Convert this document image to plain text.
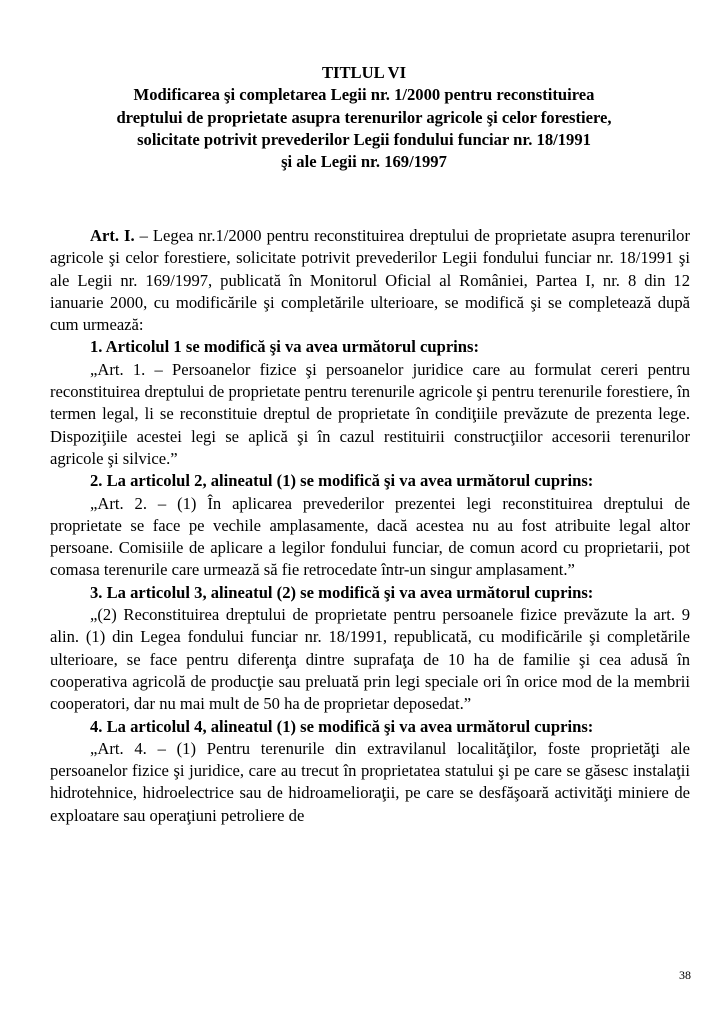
TITLUL VI
Modificarea şi completarea Legii nr. 1/2000 pentru reconstituirea
dreptului de proprietate asupra terenurilor agricole şi celor forestiere,
solicitate potrivit prevederilor Legii fondului funciar nr. 18/1991
şi ale Legii nr. 169/1997

Art. I. – Legea nr.1/2000 pentru reconstituirea dreptului de proprietate asupra terenurilor agricole şi celor forestiere, solicitate potrivit prevederilor Legii fondului funciar nr. 18/1991 şi ale Legii nr. 169/1997, publicată în Monitorul Oficial al României, Partea I, nr. 8 din 12 ianuarie 2000, cu modificările şi completările ulterioare, se modifică şi se completează după cum urmează:

1. Articolul 1 se modifică şi va avea următorul cuprins:

„Art. 1. – Persoanelor fizice şi persoanelor juridice care au formulat cereri pentru reconstituirea dreptului de proprietate pentru terenurile agricole şi pentru terenurile forestiere, în termen legal, li se reconstituie dreptul de proprietate în condiţiile prevăzute de prezenta lege. Dispoziţiile acestei legi se aplică şi în cazul restituirii construcţiilor accesorii terenurilor agricole şi silvice.”

2. La articolul 2, alineatul (1) se modifică şi va avea următorul cuprins:

„Art. 2. – (1) În aplicarea prevederilor prezentei legi reconstituirea dreptului de proprietate se face pe vechile amplasamente, dacă acestea nu au fost atribuite legal altor persoane. Comisiile de aplicare a legilor fondului funciar, de comun acord cu proprietarii, pot comasa terenurile care urmează să fie retrocedate într-un singur amplasament.”

3. La articolul 3, alineatul (2) se modifică şi va avea următorul cuprins:

„(2) Reconstituirea dreptului de proprietate pentru persoanele fizice prevăzute la art. 9 alin. (1) din Legea fondului funciar nr. 18/1991, republicată, cu modificările şi completările ulterioare, se face pentru diferenţa dintre suprafaţa de 10 ha de familie şi cea adusă în cooperativa agricolă de producţie sau preluată prin legi speciale ori în orice mod de la membrii cooperatori, dar nu mai mult de 50 ha de proprietar deposedat.”

4. La articolul 4, alineatul (1) se modifică şi va avea următorul cuprins:

„Art. 4. – (1) Pentru terenurile din extravilanul localităţilor, foste proprietăţi ale persoanelor fizice şi juridice, care au trecut în proprietatea statului şi pe care se găsesc instalaţii hidrotehnice, hidroelectrice sau de hidroamelioraţii, pe care se desfăşoară activităţi miniere de exploatare sau operaţiuni petroliere de

38
